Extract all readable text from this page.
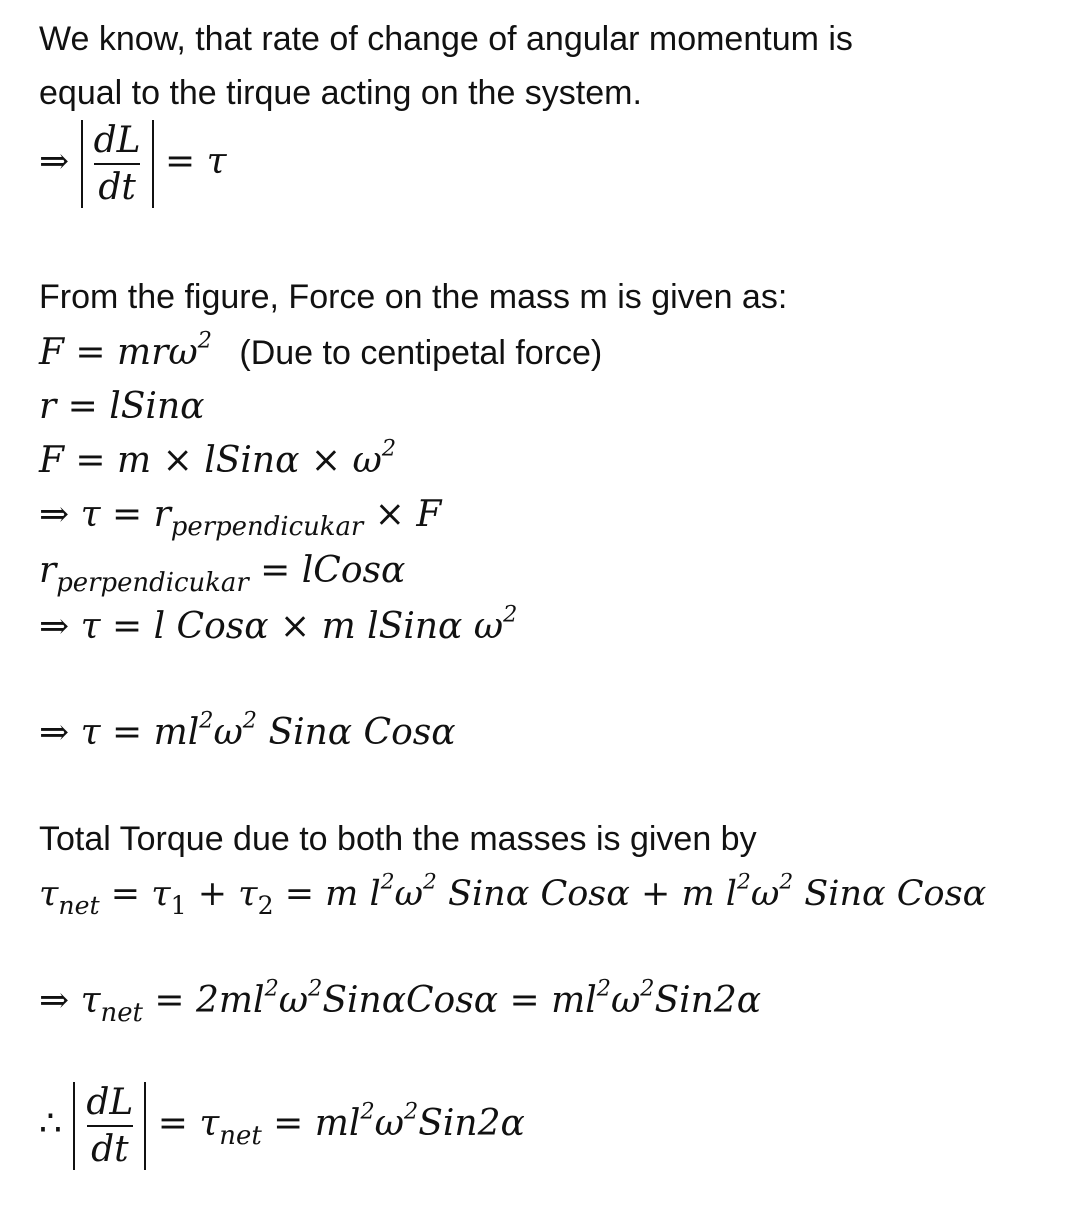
We know, that rate of change of angular momentum is
equal to the tirque acting on the system.
⇒ $\frac{dL}{dt} = \tau$
From the figure, Force on the mass m is given as:
F = mrω$^2$ (Due to centipetal force)
r = lSinα
F = m × lSinα × $\omega^2$
⇒ $\tau = r_{perpendicukar} \times F$
$r_{perpendicukar}$ = lCosα
⇒ τ = l Cosα × m lSinα $\omega^2$
⇒ $\tau = ml^2\omega^2$ Sinα Cosα
Total Torque due to both the masses is given by
$\tau_{net} = \tau_1 + \tau_2 = m$ $l^2\omega^2$ Sinα Cosα + m $l^2\omega^2$ Sinα Cosα
⇒ $\tau_{net} = 2ml^2\omega^2Sin\alpha Cos\alpha = ml^2\omega^2Sin2\alpha$
∴ $\frac{dL}{dt} = \tau_{net} = ml^2\omega^2Sin2\alpha$
